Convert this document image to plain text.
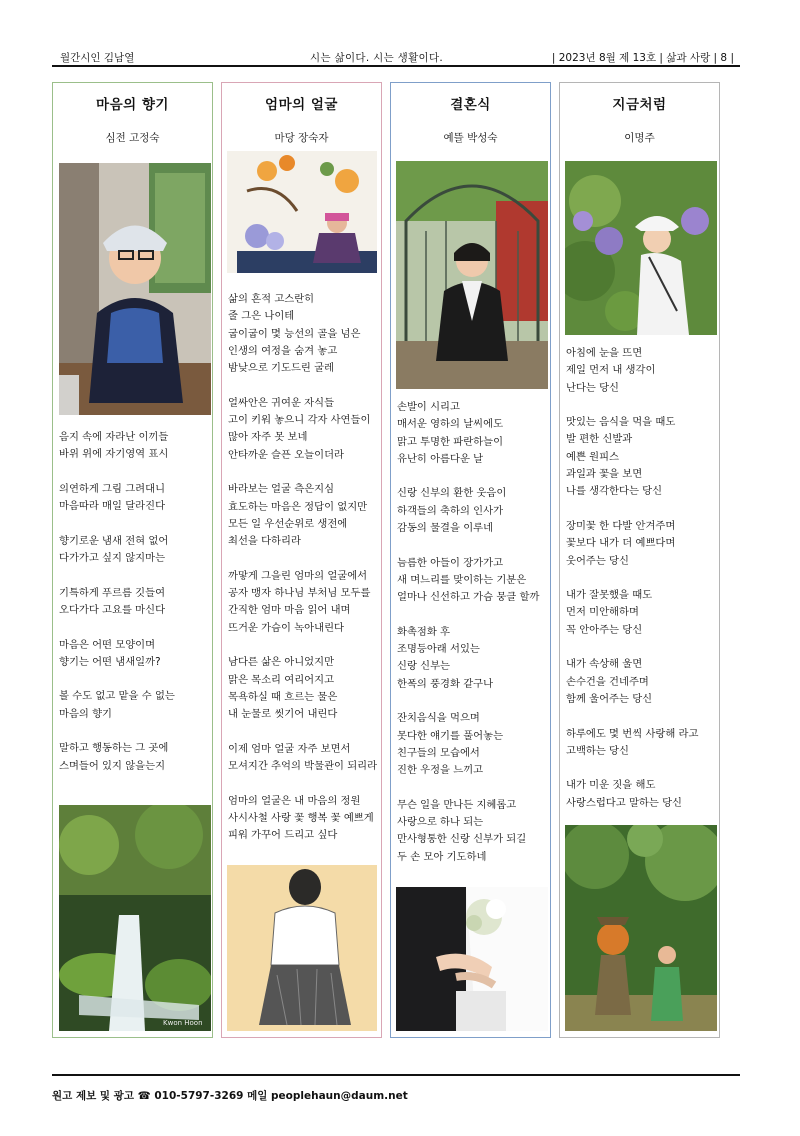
월간시인 김남열	시는 삶이다. 시는 생활이다.	| 2023년 8월 제 13호 | 삶과 사랑 | 8 |
마음의 향기
심전 고정숙
음지 속에 자라난 이끼들
바위 위에 자기영역 표시
의연하게 그림 그려대니
마음따라 매일 달라진다
향기로운 냄새 전혀 없어
다가가고 싶지 않지마는
기특하게 푸르름 깃들여
오다가다 고요를 마신다
마음은 어떤 모양이며
향기는 어떤 냄새일까?
볼 수도 없고 맡을 수 없는
마음의 향기
말하고 행동하는 그 곳에
스며들어 있지 않을는지
Kwon Hoon
엄마의 얼굴
마당 장숙자
삶의 흔적 고스란히
줄 그은 나이테
굽이굽이 몇 능선의 골을 넘은
인생의 여정을 숨겨 놓고
밤낮으로 기도드린 굴레
얼싸안은 귀여운 자식들
고이 키워 놓으니 각자 사연들이
많아 자주 못 보네
안타까운 슬픈 오늘이더라
바라보는 얼굴 측은지심
효도하는 마음은 정답이 없지만
모든 일 우선순위로 생전에
최선을 다하리라
까맣게 그을린 엄마의 얼굴에서
공자 맹자 하나님 부처님 모두를
간직한 엄마 마음 읽어 내며
뜨거운 가슴이 녹아내린다
남다른 삶은 아니었지만
맑은 목소리 여리어지고
목욕하실 때 흐르는 물은
내 눈물로 씻기어 내린다
이제 엄마 얼굴 자주 보면서
모셔지간 추억의 박물관이 되리라
엄마의 얼굴은 내 마음의 정원
사시사철 사랑 꽃 행복 꽃 예쁘게
피워 가꾸어 드리고 싶다
결혼식
예뜰 박성숙
손발이 시리고
매서운 영하의 날씨에도
맑고 투명한 파란하늘이
유난히 아름다운 날
신랑 신부의 환한 웃음이
하객들의 축하의 인사가
감동의 물결을 이루네
늠름한 아들이 장가가고
새 며느리를 맞이하는 기분은
얼마나 신선하고 가슴 뭉클 할까
화촉점화 후
조명등아래 서있는
신랑 신부는
한폭의 풍경화 같구나
잔치음식을 먹으며
못다한 얘기를 풀어놓는
친구들의 모습에서
진한 우정을 느끼고
무슨 일을 만나든 지혜롭고
사랑으로 하나 되는
만사형통한 신랑 신부가 되길
두 손 모아 기도하네
지금처럼
이명주
아침에 눈을 뜨면
제일 먼저 내 생각이
난다는 당신
맛있는 음식을 먹을 때도
발 편한 신발과
예쁜 원피스
과일과 꽃을 보면
나를 생각한다는 당신
장미꽃 한 다발 안겨주며
꽃보다 내가 더 예쁘다며
웃어주는 당신
내가 잘못했을 때도
먼저 미안해하며
꼭 안아주는 당신
내가 속상해 울면
손수건을 건네주며
함께 울어주는 당신
하루에도 몇 번씩 사랑해 라고
고백하는 당신
내가 미운 짓을 해도
사랑스럽다고 말하는 당신
원고 제보 및 광고 ☎ 010-5797-3269 메일 peoplehaun@daum.net
